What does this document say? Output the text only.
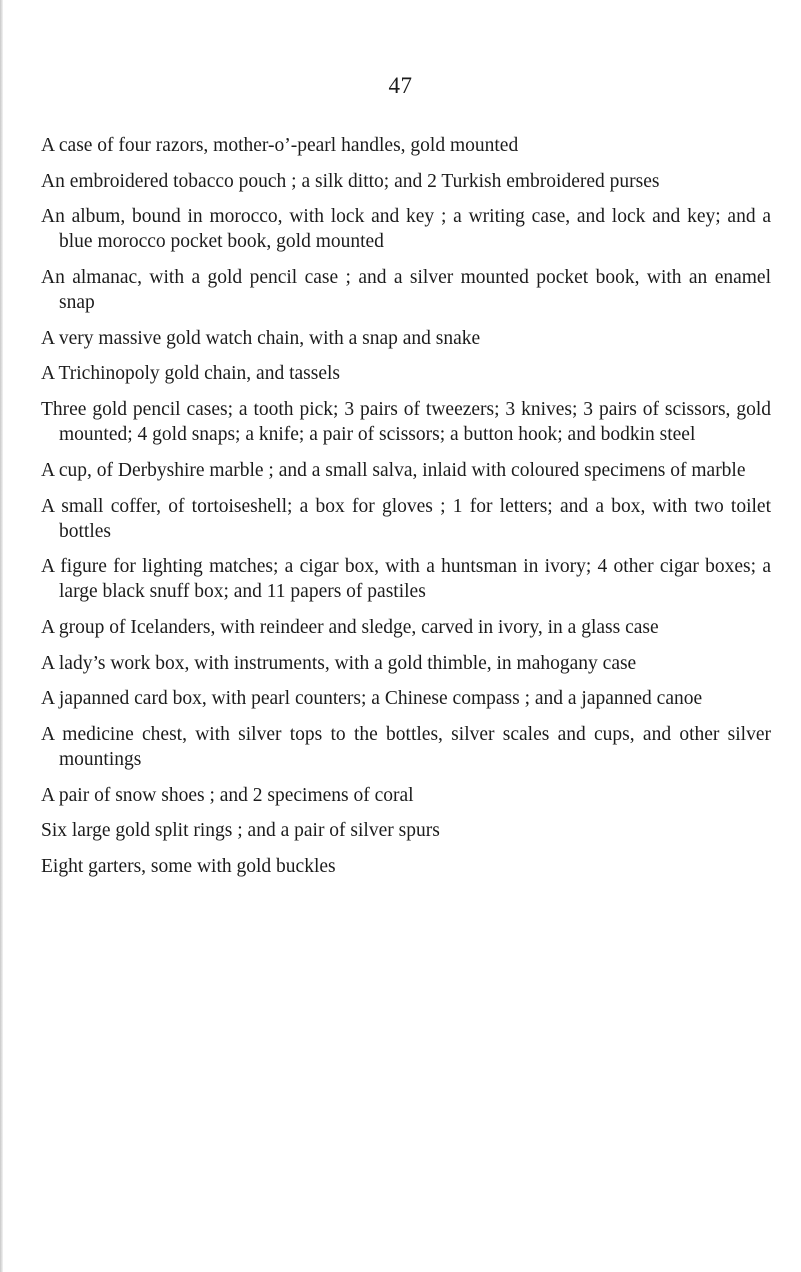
47
A case of four razors, mother-o’-pearl handles, gold mounted
An embroidered tobacco pouch ; a silk ditto; and 2 Turkish embroidered purses
An album, bound in morocco, with lock and key ; a writing case, and lock and key; and a blue morocco pocket book, gold mounted
An almanac, with a gold pencil case ; and a silver mounted pocket book, with an enamel snap
A very massive gold watch chain, with a snap and snake
A Trichinopoly gold chain, and tassels
Three gold pencil cases; a tooth pick; 3 pairs of tweezers; 3 knives; 3 pairs of scissors, gold mounted; 4 gold snaps; a knife; a pair of scissors; a button hook; and bodkin steel
A cup, of Derbyshire marble ; and a small salva, inlaid with coloured specimens of marble
A small coffer, of tortoiseshell; a box for gloves ; 1 for letters; and a box, with two toilet bottles
A figure for lighting matches; a cigar box, with a huntsman in ivory; 4 other cigar boxes; a large black snuff box; and 11 papers of pastiles
A group of Icelanders, with reindeer and sledge, carved in ivory, in a glass case
A lady’s work box, with instruments, with a gold thimble, in mahogany case
A japanned card box, with pearl counters; a Chinese compass ; and a japanned canoe
A medicine chest, with silver tops to the bottles, silver scales and cups, and other silver mountings
A pair of snow shoes ; and 2 specimens of coral
Six large gold split rings ; and a pair of silver spurs
Eight garters, some with gold buckles
